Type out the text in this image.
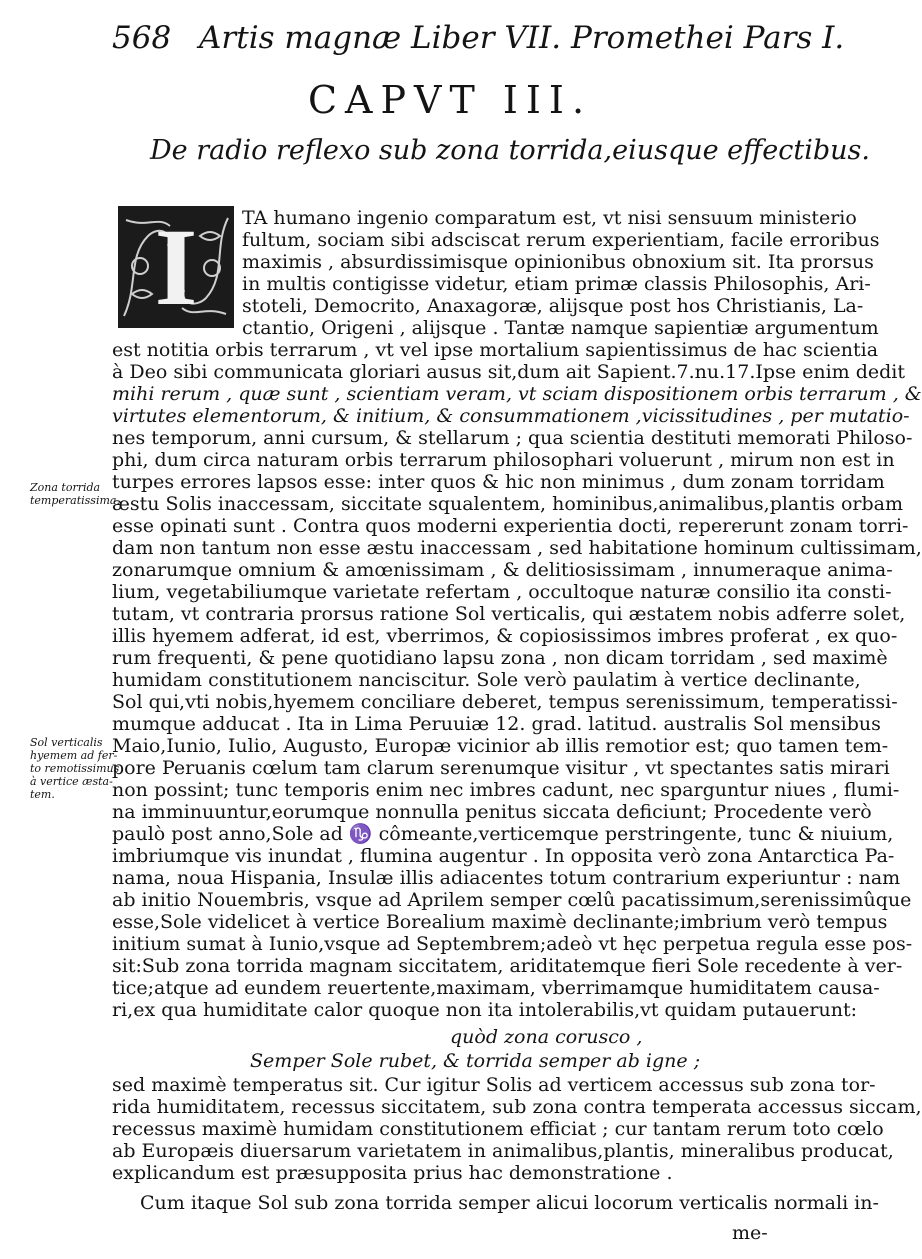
568 Artis magnæ Liber VII. Promethei Pars I.
CAPVT III.
De radio reflexo sub zona torrida,eiusque effectibus.
I
Zona torrida
temperatissima.
Sol verticalis
hyemem ad fer-
to remotissimus
à vertice æsta-
tem.
TA humano ingenio comparatum est, vt nisi sensuum ministerio
fultum, sociam sibi adsciscat rerum experientiam, facile erroribus
maximis , absurdissimisque opinionibus obnoxium sit. Ita prorsus
in multis contigisse videtur, etiam primæ classis Philosophis, Ari-
stoteli, Democrito, Anaxagoræ, alijsque post hos Christianis, La-
ctantio, Origeni , alijsque . Tantæ namque sapientiæ argumentum
est notitia orbis terrarum , vt vel ipse mortalium sapientissimus de hac scientia
à Deo sibi communicata gloriari ausus sit,dum ait Sapient.7.nu.17.Ipse enim dedit
mihi rerum , quæ sunt , scientiam veram, vt sciam dispositionem orbis terrarum , &
virtutes elementorum, & initium, & consummationem ,vicissitudines , per mutatio-
nes temporum, anni cursum, & stellarum ; qua scientia destituti memorati Philoso-
phi, dum circa naturam orbis terrarum philosophari voluerunt , mirum non est in
turpes errores lapsos esse: inter quos & hic non minimus , dum zonam torridam
æstu Solis inaccessam, siccitate squalentem, hominibus,animalibus,plantis orbam
esse opinati sunt . Contra quos moderni experientia docti, repererunt zonam torri-
dam non tantum non esse æstu inaccessam , sed habitatione hominum cultissimam,
zonarumque omnium & amœnissimam , & delitiosissimam , innumeraque anima-
lium, vegetabiliumque varietate refertam , occultoque naturæ consilio ita consti-
tutam, vt contraria prorsus ratione Sol verticalis, qui æstatem nobis adferre solet,
illis hyemem adferat, id est, vberrimos, & copiosissimos imbres proferat , ex quo-
rum frequenti, & pene quotidiano lapsu zona , non dicam torridam , sed maximè
humidam constitutionem nanciscitur. Sole verò paulatim à vertice declinante,
Sol qui,vti nobis,hyemem conciliare deberet, tempus serenissimum, temperatissi-
mumque adducat . Ita in Lima Peruuiæ 12. grad. latitud. australis Sol mensibus
Maio,Iunio, Iulio, Augusto, Europæ vicinior ab illis remotior est; quo tamen tem-
pore Peruanis cœlum tam clarum serenumque visitur , vt spectantes satis mirari
non possint; tunc temporis enim nec imbres cadunt, nec sparguntur niues , flumi-
na imminuuntur,eorumque nonnulla penitus siccata deficiunt; Procedente verò
paulò post anno,Sole ad ♑ cômeante,verticemque perstringente, tunc & niuium,
imbriumque vis inundat , flumina augentur . In opposita verò zona Antarctica Pa-
nama, noua Hispania, Insulæ illis adiacentes totum contrarium experiuntur : nam
ab initio Nouembris, vsque ad Aprilem semper cœlû pacatissimum,serenissimûque
esse,Sole videlicet à vertice Borealium maximè declinante;imbrium verò tempus
initium sumat à Iunio,vsque ad Septembrem;adeò vt hęc perpetua regula esse pos-
sit:Sub zona torrida magnam siccitatem, ariditatemque fieri Sole recedente à ver-
tice;atque ad eundem reuertente,maximam, vberrimamque humiditatem causa-
ri,ex qua humiditate calor quoque non ita intolerabilis,vt quidam putauerunt:
quòd zona corusco ,
Semper Sole rubet, & torrida semper ab igne ;
sed maximè temperatus sit. Cur igitur Solis ad verticem accessus sub zona tor-
rida humiditatem, recessus siccitatem, sub zona contra temperata accessus siccam,
recessus maximè humidam constitutionem efficiat ; cur tantam rerum toto cœlo
ab Europæis diuersarum varietatem in animalibus,plantis, mineralibus producat,
explicandum est præsupposita prius hac demonstratione .
Cum itaque Sol sub zona torrida semper alicui locorum verticalis normali in-
me-
